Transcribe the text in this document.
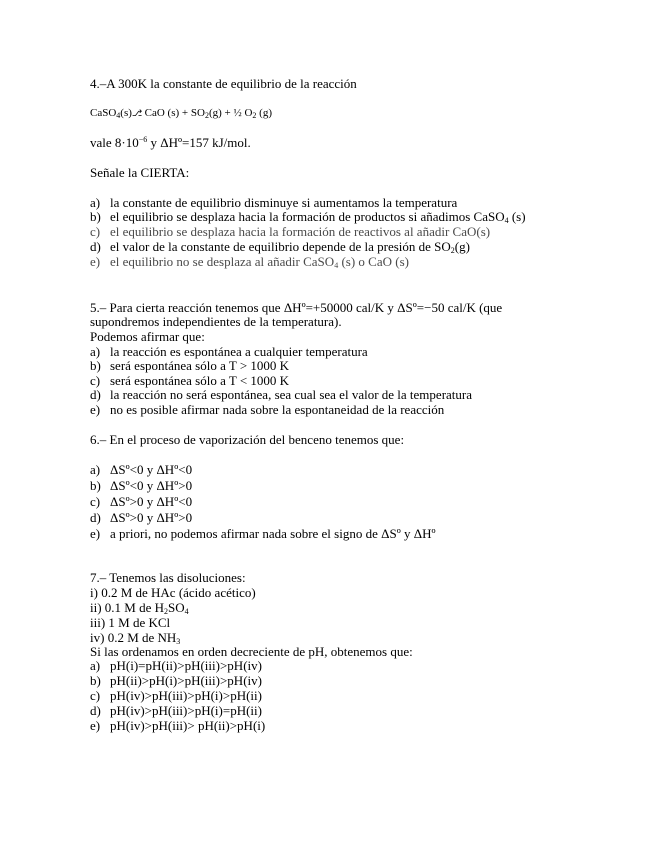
4.–A 300K la constante de equilibrio de la reacción
CaSO$_4$(s)⎇ CaO $(s) + SO_2(g)$ + ½ $O_2$ (g)
vale $8\cdot 10^{-6}$ y ΔHº=157 kJ/mol.
Señale la CIERTA:
a) la constante de equilibrio disminuye si aumentamos la temperatura
b) el equilibrio se desplaza hacia la formación de productos si añadimos CaSO$_4$ (s)
c) el equilibrio se desplaza hacia la formación de reactivos al añadir CaO(s)
d) el valor de la constante de equilibrio depende de la presión de $SO_2(g)$
e) el equilibrio no se desplaza al añadir CaSO$_4$ (s) o CaO (s)
5.– Para cierta reacción tenemos que ΔHº=+50000 cal/K y ΔSº=−50 cal/K (que
supondremos independientes de la temperatura).
Podemos afirmar que:
a) la reacción es espontánea a cualquier temperatura
b) será espontánea sólo a T > 1000 K
c) será espontánea sólo a T < 1000 K
d) la reacción no será espontánea, sea cual sea el valor de la temperatura
e) no es posible afirmar nada sobre la espontaneidad de la reacción
6.– En el proceso de vaporización del benceno tenemos que:
a) ΔSº<0 y ΔHº<0
b) ΔSº<0 y ΔHº>0
c) ΔSº>0 y ΔHº<0
d) ΔSº>0 y ΔHº>0
e) a priori, no podemos afirmar nada sobre el signo de ΔSº y ΔHº
7.– Tenemos las disoluciones:
i) 0.2 M de HAc (ácido acético)
ii) 0.1 M de $H_2SO_4$
iii) 1 M de KCl
iv) 0.2 M de $NH_3$
Si las ordenamos en orden decreciente de pH, obtenemos que:
a) pH(i)=pH(ii)>pH(iii)>pH(iv)
b) pH(ii)>pH(i)>pH(iii)>pH(iv)
c) pH(iv)>pH(iii)>pH(i)>pH(ii)
d) pH(iv)>pH(iii)>pH(i)=pH(ii)
e) pH(iv)>pH(iii)> pH(ii)>pH(i)
